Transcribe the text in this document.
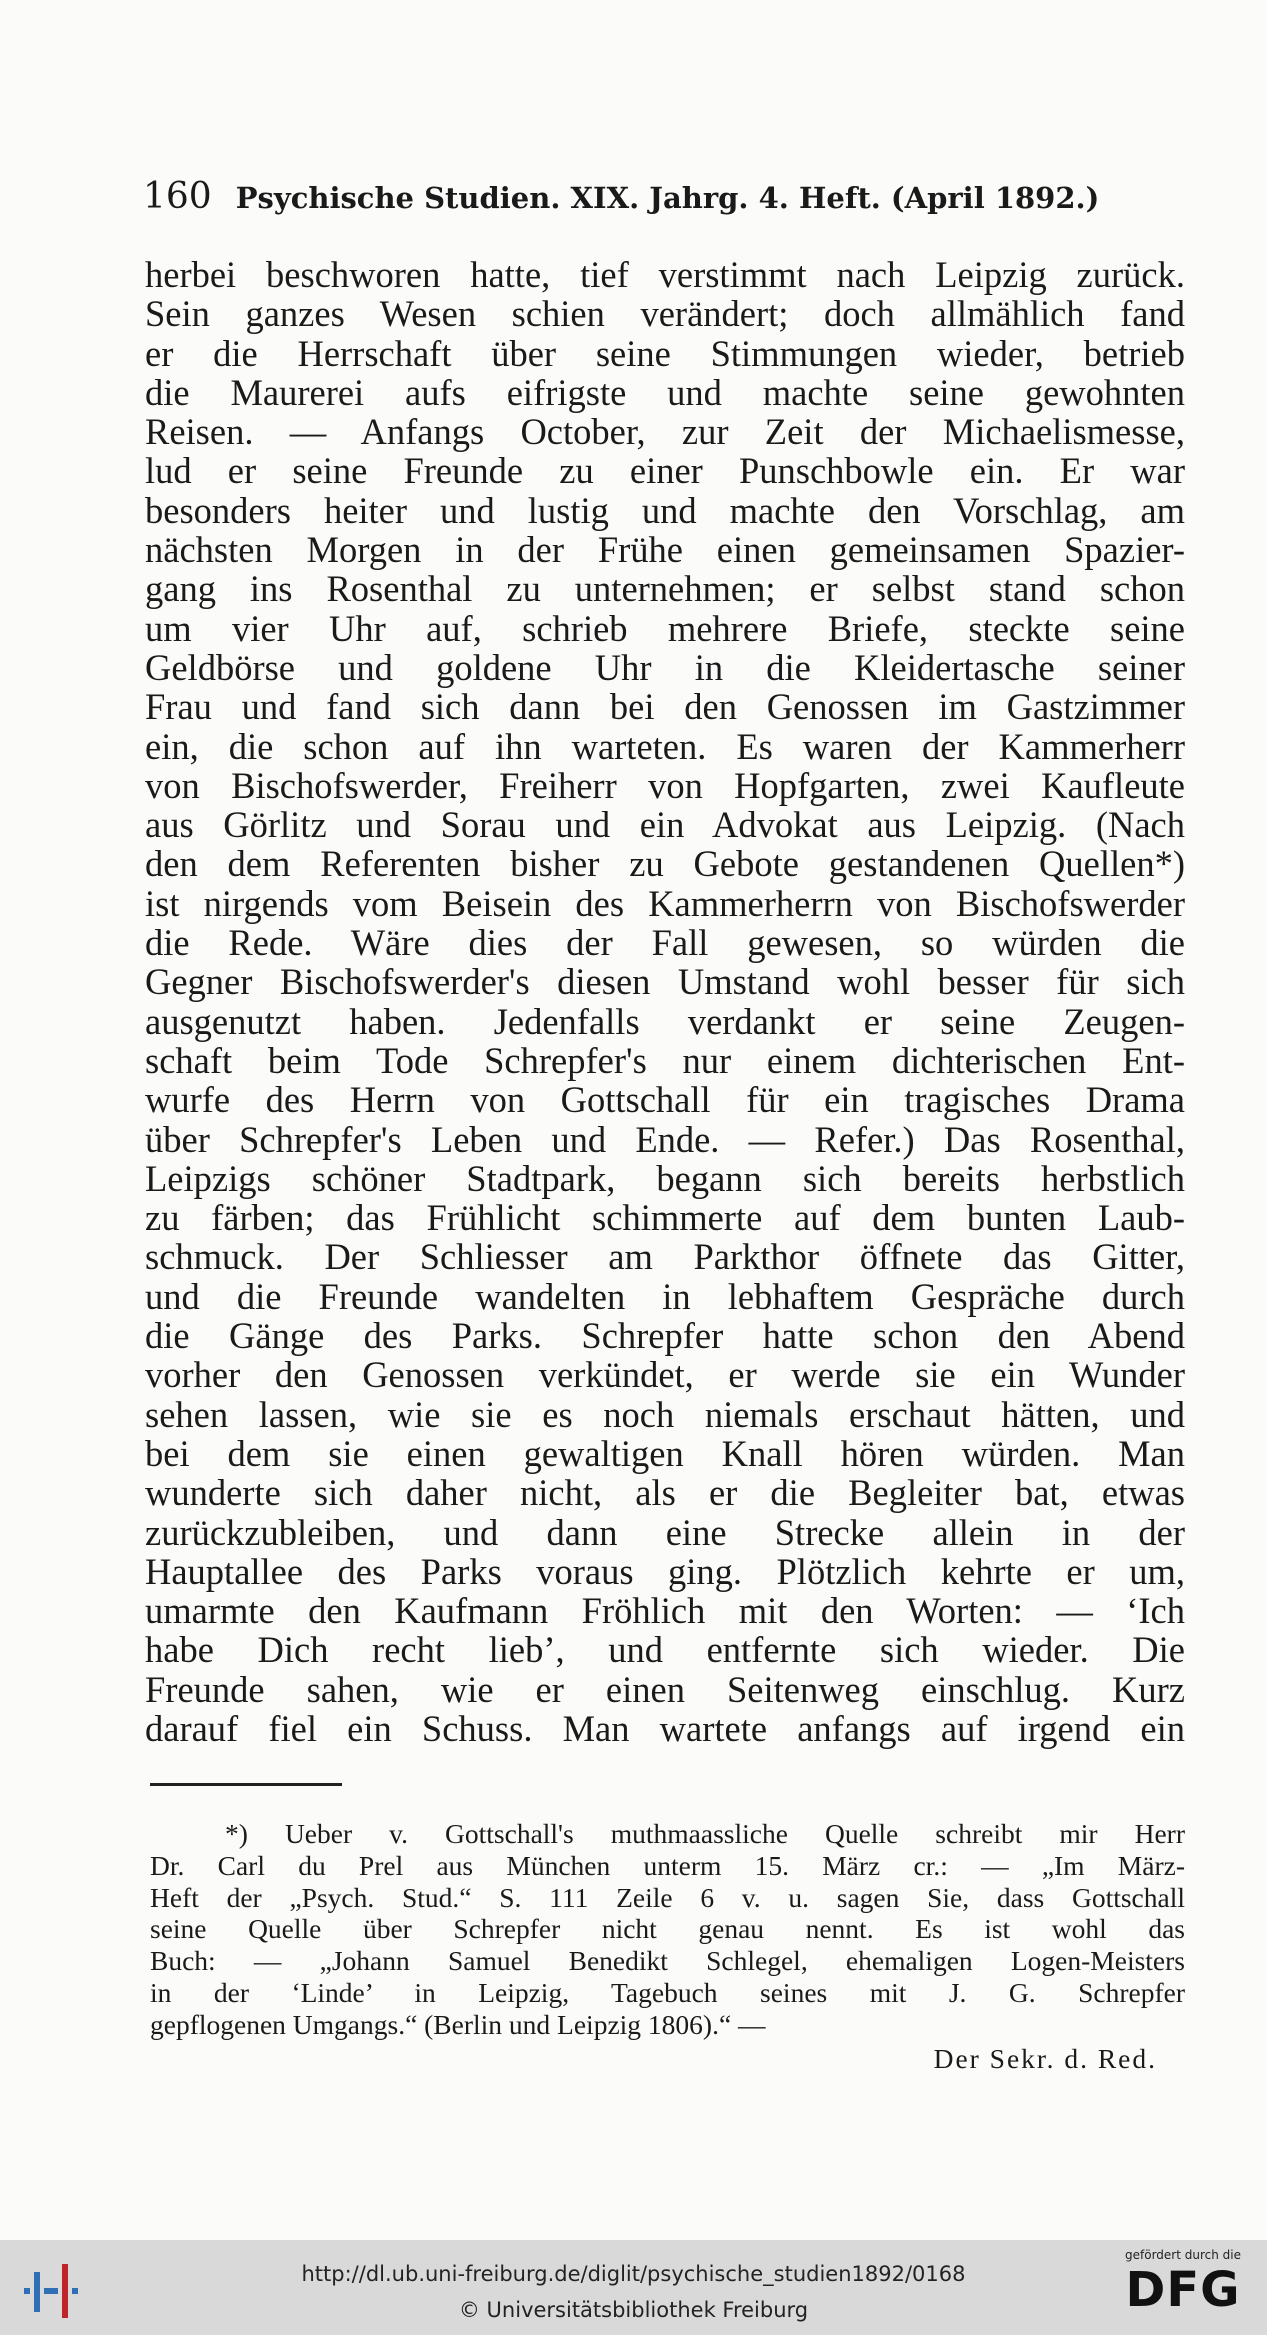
160 Psychische Studien. XIX. Jahrg. 4. Heft. (April 1892.)
herbei beschworen hatte, tief verstimmt nach Leipzig zurück.
Sein ganzes Wesen schien verändert; doch allmählich fand
er die Herrschaft über seine Stimmungen wieder, betrieb
die Maurerei aufs eifrigste und machte seine gewohnten
Reisen. — Anfangs October, zur Zeit der Michaelismesse,
lud er seine Freunde zu einer Punschbowle ein. Er war
besonders heiter und lustig und machte den Vorschlag, am
nächsten Morgen in der Frühe einen gemeinsamen Spazier-
gang ins Rosenthal zu unternehmen; er selbst stand schon
um vier Uhr auf, schrieb mehrere Briefe, steckte seine
Geldbörse und goldene Uhr in die Kleidertasche seiner
Frau und fand sich dann bei den Genossen im Gastzimmer
ein, die schon auf ihn warteten. Es waren der Kammerherr
von Bischofswerder, Freiherr von Hopfgarten, zwei Kaufleute
aus Görlitz und Sorau und ein Advokat aus Leipzig. (Nach
den dem Referenten bisher zu Gebote gestandenen Quellen*)
ist nirgends vom Beisein des Kammerherrn von Bischofswerder
die Rede. Wäre dies der Fall gewesen, so würden die
Gegner Bischofswerder's diesen Umstand wohl besser für sich
ausgenutzt haben. Jedenfalls verdankt er seine Zeugen-
schaft beim Tode Schrepfer's nur einem dichterischen Ent-
wurfe des Herrn von Gottschall für ein tragisches Drama
über Schrepfer's Leben und Ende. — Refer.) Das Rosenthal,
Leipzigs schöner Stadtpark, begann sich bereits herbstlich
zu färben; das Frühlicht schimmerte auf dem bunten Laub-
schmuck. Der Schliesser am Parkthor öffnete das Gitter,
und die Freunde wandelten in lebhaftem Gespräche durch
die Gänge des Parks. Schrepfer hatte schon den Abend
vorher den Genossen verkündet, er werde sie ein Wunder
sehen lassen, wie sie es noch niemals erschaut hätten, und
bei dem sie einen gewaltigen Knall hören würden. Man
wunderte sich daher nicht, als er die Begleiter bat, etwas
zurückzubleiben, und dann eine Strecke allein in der
Hauptallee des Parks voraus ging. Plötzlich kehrte er um,
umarmte den Kaufmann Fröhlich mit den Worten: — ‘Ich
habe Dich recht lieb’, und entfernte sich wieder. Die
Freunde sahen, wie er einen Seitenweg einschlug. Kurz
darauf fiel ein Schuss. Man wartete anfangs auf irgend ein
*) Ueber v. Gottschall's muthmaassliche Quelle schreibt mir Herr
Dr. Carl du Prel aus München unterm 15. März cr.: — „Im März-
Heft der „Psych. Stud.“ S. 111 Zeile 6 v. u. sagen Sie, dass Gottschall
seine Quelle über Schrepfer nicht genau nennt. Es ist wohl das
Buch: — „Johann Samuel Benedikt Schlegel, ehemaligen Logen-Meisters
in der ‘Linde’ in Leipzig, Tagebuch seines mit J. G. Schrepfer
gepflogenen Umgangs.“ (Berlin und Leipzig 1806).“ —
Der Sekr. d. Red.
http://dl.ub.uni-freiburg.de/diglit/psychische_studien1892/0168
© Universitätsbibliothek Freiburg
gefördert durch die
DFG
